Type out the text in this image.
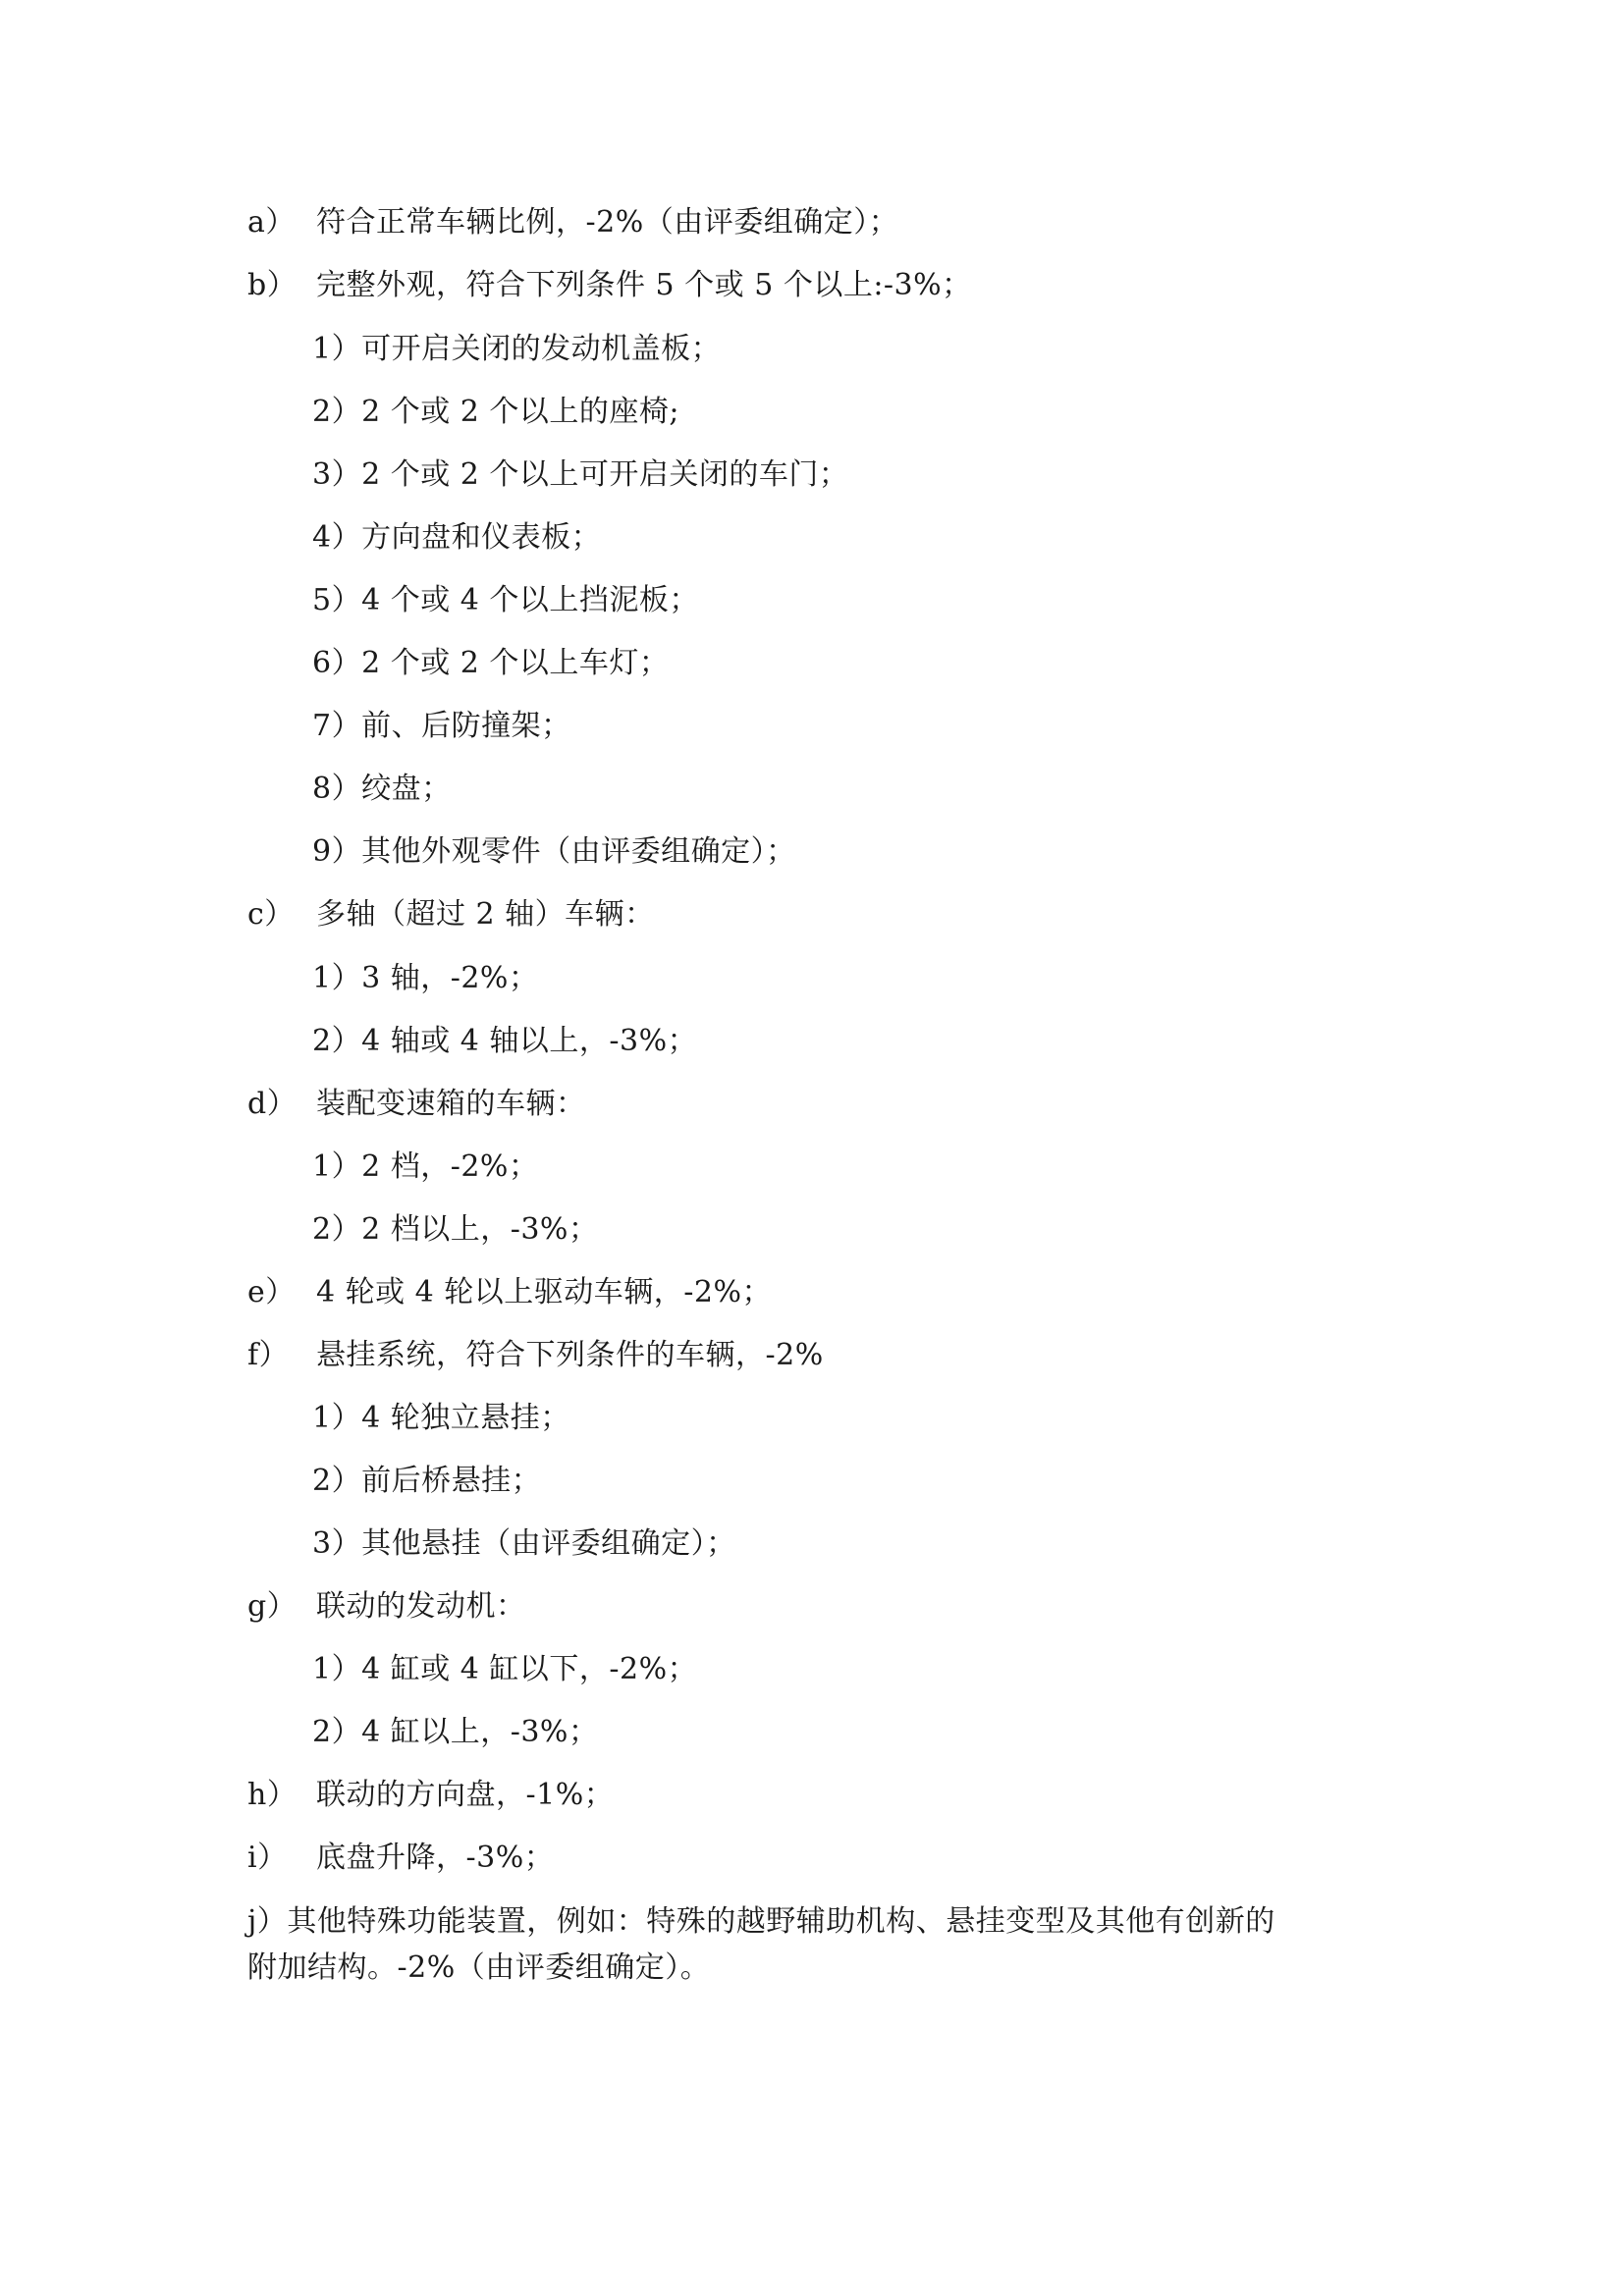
a） 符合正常车辆比例，-2%（由评委组确定）；
b） 完整外观，符合下列条件 5 个或 5 个以上:-3%；
1）可开启关闭的发动机盖板；
2）2 个或 2 个以上的座椅;
3）2 个或 2 个以上可开启关闭的车门；
4）方向盘和仪表板；
5）4 个或 4 个以上挡泥板；
6）2 个或 2 个以上车灯；
7）前、后防撞架；
8）绞盘；
9）其他外观零件（由评委组确定）；
c） 多轴（超过 2 轴）车辆：
1）3 轴，-2%；
2）4 轴或 4 轴以上，-3%；
d） 装配变速箱的车辆：
1）2 档，-2%；
2）2 档以上，-3%；
e） 4 轮或 4 轮以上驱动车辆，-2%；
f） 悬挂系统，符合下列条件的车辆，-2%
1）4 轮独立悬挂；
2）前后桥悬挂；
3）其他悬挂（由评委组确定）；
g） 联动的发动机：
1）4 缸或 4 缸以下，-2%；
2）4 缸以上，-3%；
h） 联动的方向盘，-1%；
i） 底盘升降，-3%；
j）其他特殊功能装置，例如：特殊的越野辅助机构、悬挂变型及其他有创新的
附加结构。-2%（由评委组确定）。
